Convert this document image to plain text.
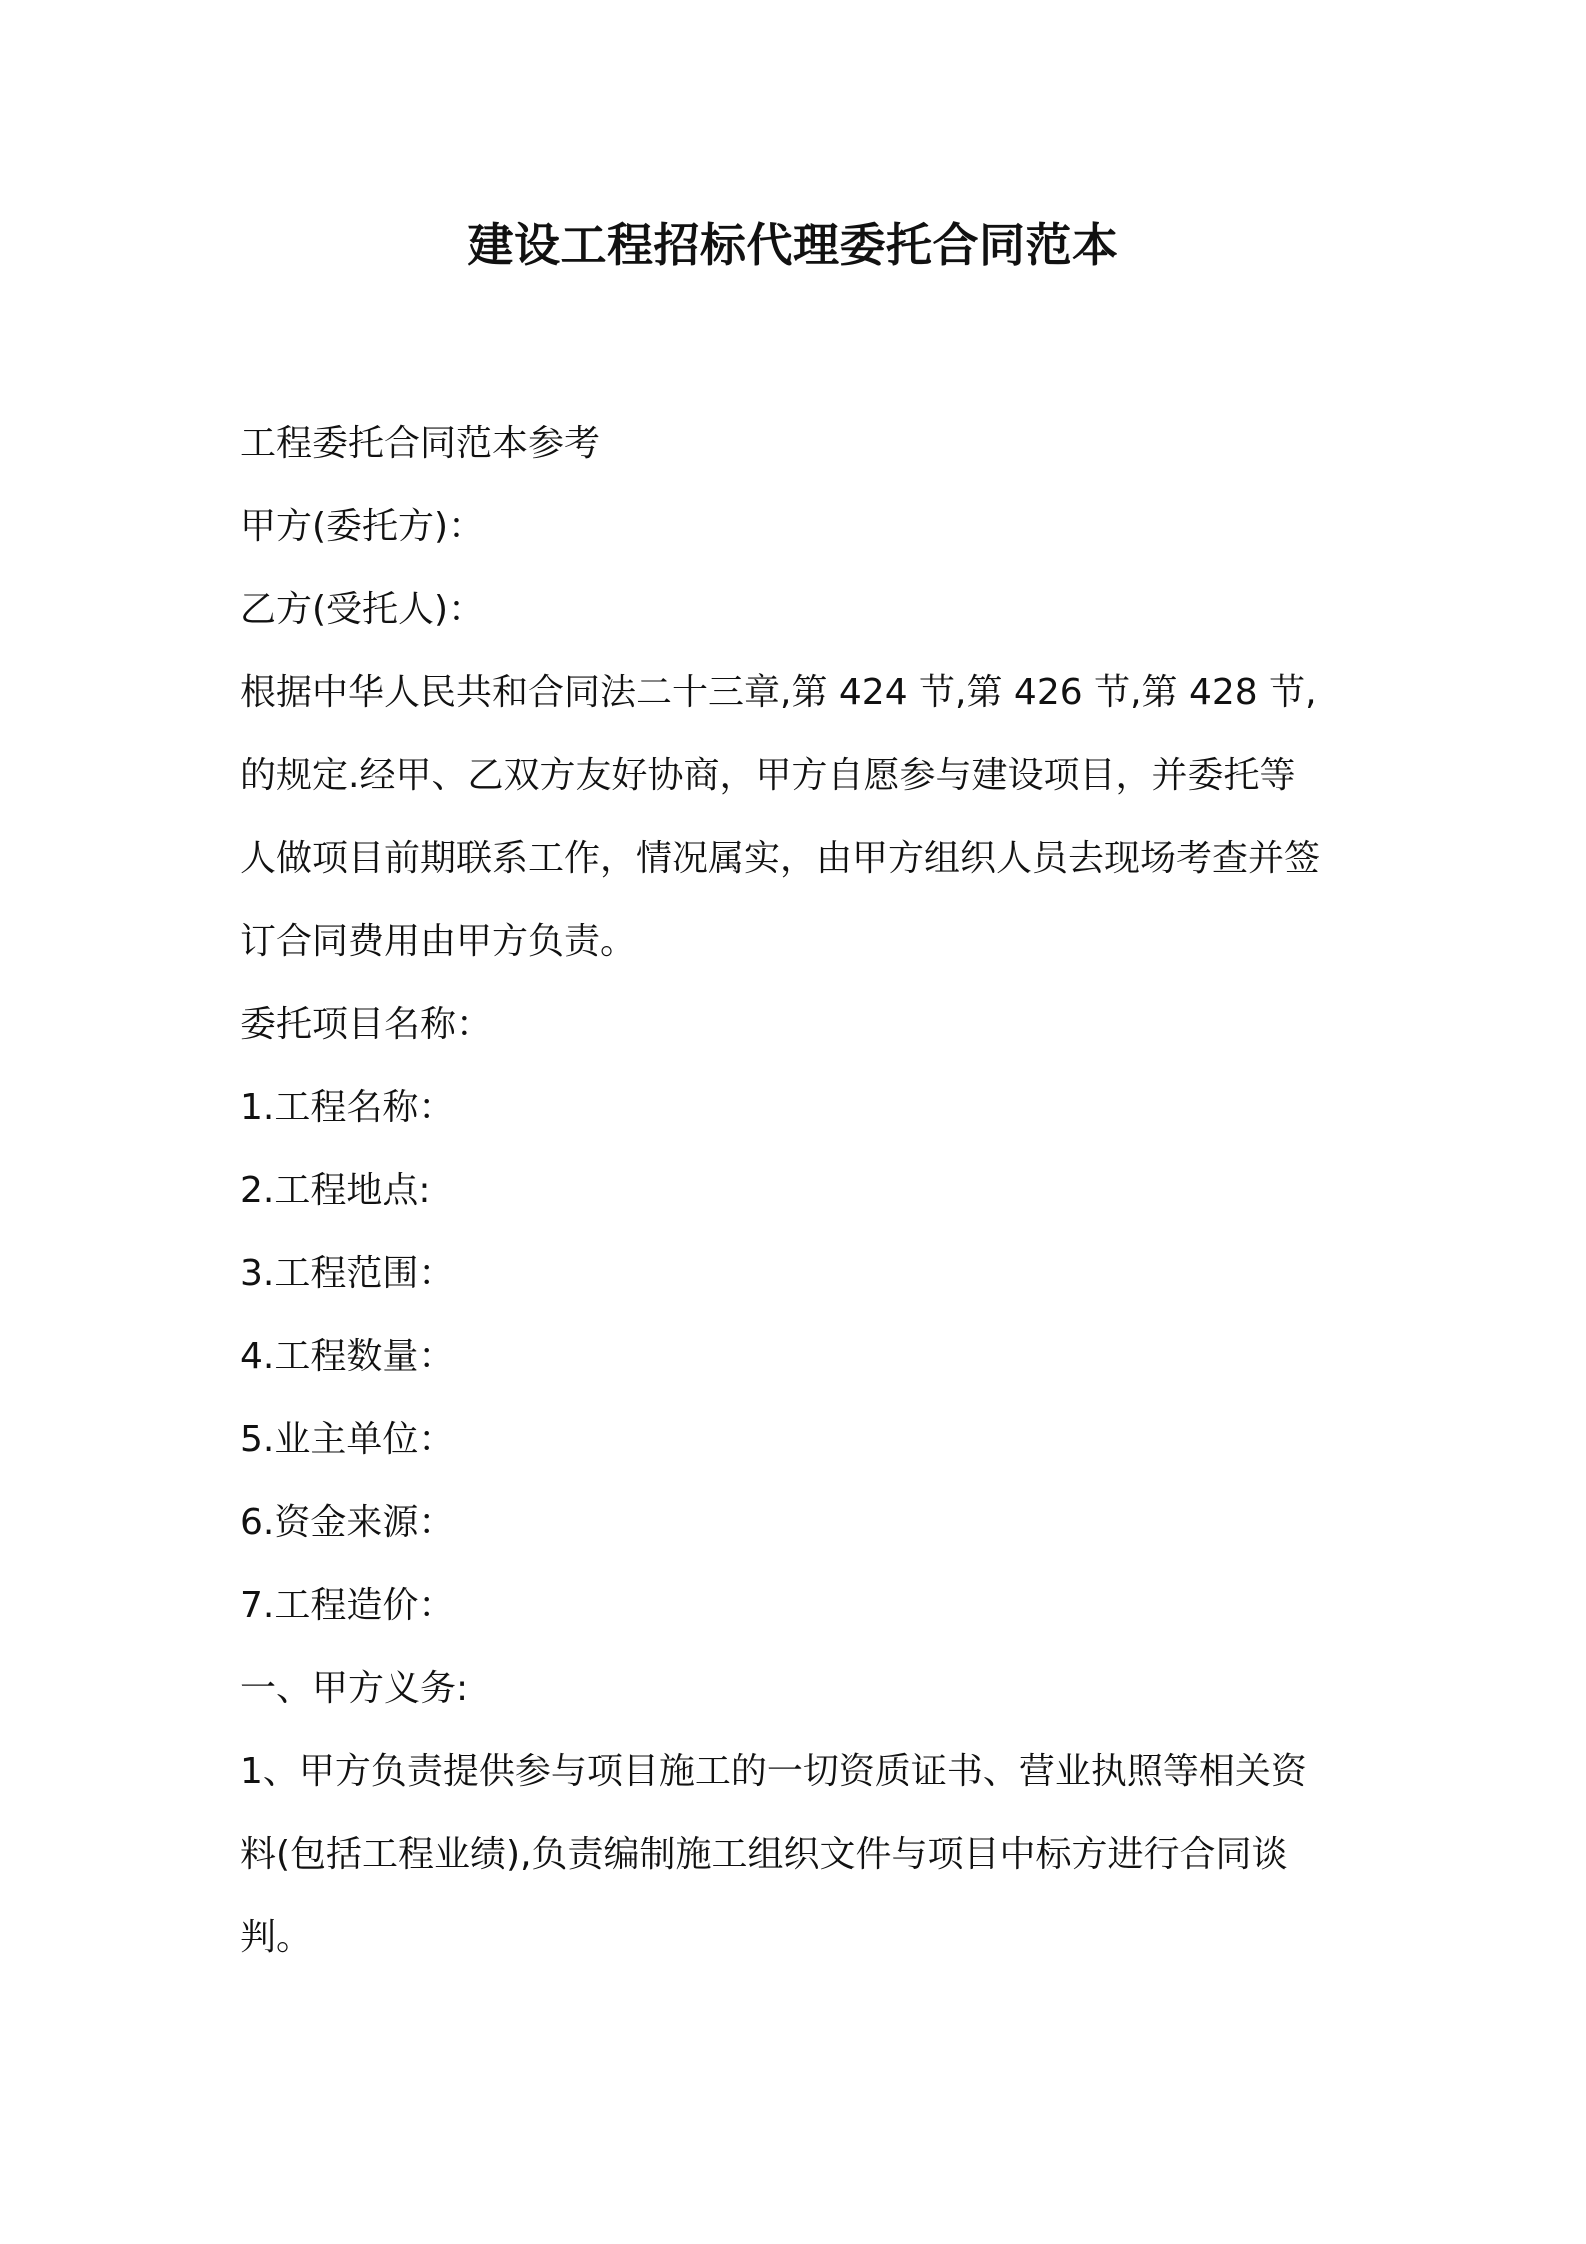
建设工程招标代理委托合同范本
工程委托合同范本参考
甲方(委托方)：
乙方(受托人)：
根据中华人民共和合同法二十三章,第 424 节,第 426 节,第 428 节,
的规定.经甲、乙双方友好协商，甲方自愿参与建设项目，并委托等
人做项目前期联系工作，情况属实，由甲方组织人员去现场考查并签
订合同费用由甲方负责。
委托项目名称：
1.工程名称：
2.工程地点:
3.工程范围：
4.工程数量：
5.业主单位：
6.资金来源：
7.工程造价：
一、甲方义务:
1、甲方负责提供参与项目施工的一切资质证书、营业执照等相关资
料(包括工程业绩),负责编制施工组织文件与项目中标方进行合同谈
判。
